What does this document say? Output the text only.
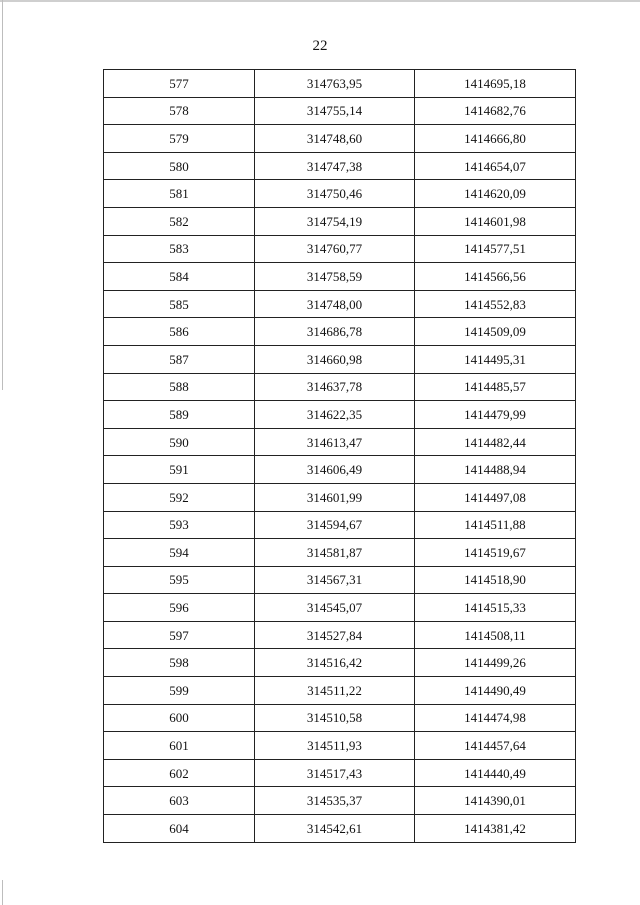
22
577	314763,95	1414695,18
578	314755,14	1414682,76
579	314748,60	1414666,80
580	314747,38	1414654,07
581	314750,46	1414620,09
582	314754,19	1414601,98
583	314760,77	1414577,51
584	314758,59	1414566,56
585	314748,00	1414552,83
586	314686,78	1414509,09
587	314660,98	1414495,31
588	314637,78	1414485,57
589	314622,35	1414479,99
590	314613,47	1414482,44
591	314606,49	1414488,94
592	314601,99	1414497,08
593	314594,67	1414511,88
594	314581,87	1414519,67
595	314567,31	1414518,90
596	314545,07	1414515,33
597	314527,84	1414508,11
598	314516,42	1414499,26
599	314511,22	1414490,49
600	314510,58	1414474,98
601	314511,93	1414457,64
602	314517,43	1414440,49
603	314535,37	1414390,01
604	314542,61	1414381,42
